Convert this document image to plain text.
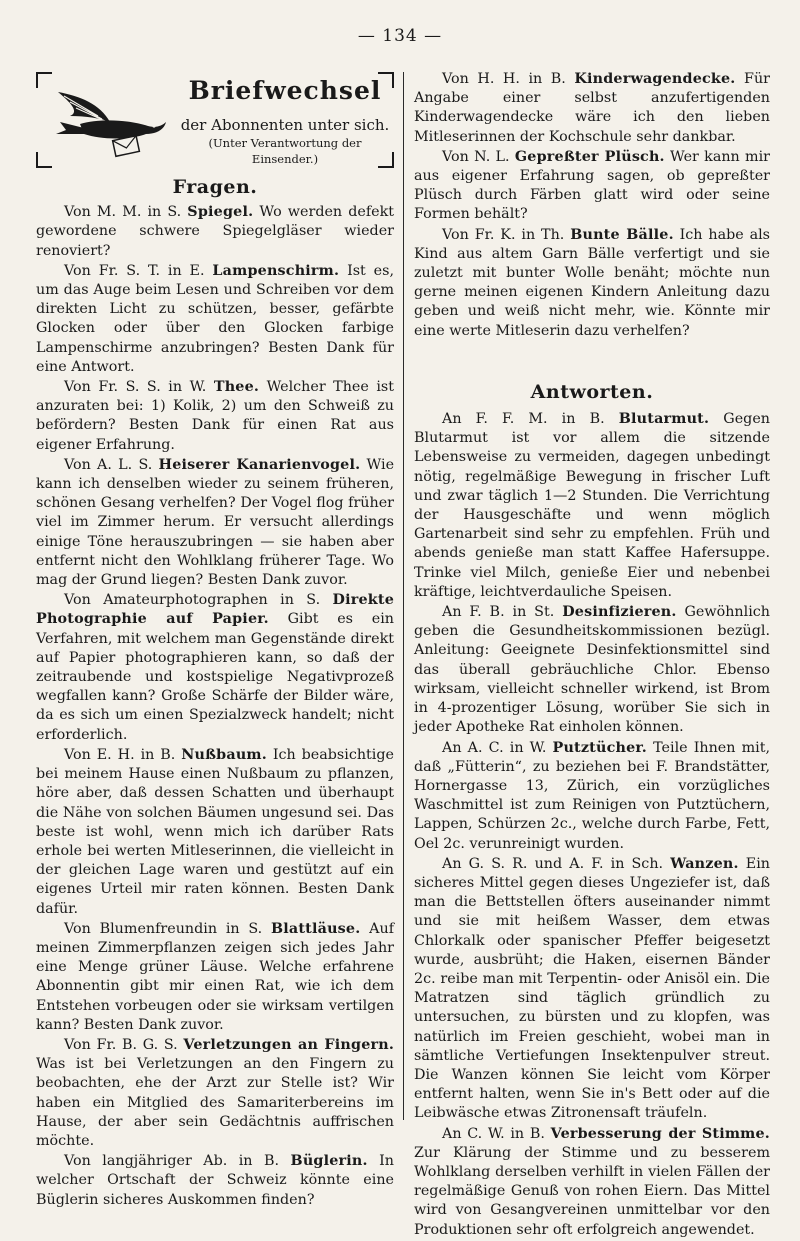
— 134 —
Briefwechsel
der Abonnenten unter sich.
(Unter Verantwortung der
Einsender.)
Fragen.

Von M. M. in S. Spiegel. Wo werden defekt gewordene schwere Spiegelgläser wieder renoviert?

Von Fr. S. T. in E. Lampenschirm. Ist es, um das Auge beim Lesen und Schreiben vor dem direkten Licht zu schützen, besser, gefärbte Glocken oder über den Glocken farbige Lampenschirme anzubringen? Besten Dank für eine Antwort.

Von Fr. S. S. in W. Thee. Welcher Thee ist anzuraten bei: 1) Kolik, 2) um den Schweiß zu befördern? Besten Dank für einen Rat aus eigener Erfahrung.

Von A. L. S. Heiserer Kanarienvogel. Wie kann ich denselben wieder zu seinem früheren, schönen Gesang verhelfen? Der Vogel flog früher viel im Zimmer herum. Er versucht allerdings einige Töne herauszubringen — sie haben aber entfernt nicht den Wohlklang früherer Tage. Wo mag der Grund liegen? Besten Dank zuvor.

Von Amateurphotographen in S. Direkte Photographie auf Papier. Gibt es ein Verfahren, mit welchem man Gegenstände direkt auf Papier photographieren kann, so daß der zeitraubende und kostspielige Negativprozeß wegfallen kann? Große Schärfe der Bilder wäre, da es sich um einen Spezialzweck handelt; nicht erforderlich.

Von E. H. in B. Nußbaum. Ich beabsichtige bei meinem Hause einen Nußbaum zu pflanzen, höre aber, daß dessen Schatten und überhaupt die Nähe von solchen Bäumen ungesund sei. Das beste ist wohl, wenn mich ich darüber Rats erhole bei werten Mitleserinnen, die vielleicht in der gleichen Lage waren und gestützt auf ein eigenes Urteil mir raten können. Besten Dank dafür.

Von Blumenfreundin in S. Blattläuse. Auf meinen Zimmerpflanzen zeigen sich jedes Jahr eine Menge grüner Läuse. Welche erfahrene Abonnentin gibt mir einen Rat, wie ich dem Entstehen vorbeugen oder sie wirksam vertilgen kann? Besten Dank zuvor.

Von Fr. B. G. S. Verletzungen an Fingern. Was ist bei Verletzungen an den Fingern zu beobachten, ehe der Arzt zur Stelle ist? Wir haben ein Mitglied des Samariterbereins im Hause, der aber sein Gedächtnis auffrischen möchte.

Von langjähriger Ab. in B. Büglerin. In welcher Ortschaft der Schweiz könnte eine Büglerin sicheres Auskommen finden?

Von H. H. in B. Kinderwagendecke. Für Angabe einer selbst anzufertigenden Kinderwagendecke wäre ich den lieben Mitleserinnen der Kochschule sehr dankbar.

Von N. L. Gepreßter Plüsch. Wer kann mir aus eigener Erfahrung sagen, ob gepreßter Plüsch durch Färben glatt wird oder seine Formen behält?

Von Fr. K. in Th. Bunte Bälle. Ich habe als Kind aus altem Garn Bälle verfertigt und sie zuletzt mit bunter Wolle benäht; möchte nun gerne meinen eigenen Kindern Anleitung dazu geben und weiß nicht mehr, wie. Könnte mir eine werte Mitleserin dazu verhelfen?

Antworten.

An F. F. M. in B. Blutarmut. Gegen Blutarmut ist vor allem die sitzende Lebensweise zu vermeiden, dagegen unbedingt nötig, regelmäßige Bewegung in frischer Luft und zwar täglich 1—2 Stunden. Die Verrichtung der Hausgeschäfte und wenn möglich Gartenarbeit sind sehr zu empfehlen. Früh und abends genieße man statt Kaffee Hafersuppe. Trinke viel Milch, genieße Eier und nebenbei kräftige, leichtverdauliche Speisen.

An F. B. in St. Desinfizieren. Gewöhnlich geben die Gesundheitskommissionen bezügl. Anleitung: Geeignete Desinfektionsmittel sind das überall gebräuchliche Chlor. Ebenso wirksam, vielleicht schneller wirkend, ist Brom in 4-prozentiger Lösung, worüber Sie sich in jeder Apotheke Rat einholen können.

An A. C. in W. Putztücher. Teile Ihnen mit, daß „Fütterin“, zu beziehen bei F. Brandstätter, Hornergasse 13, Zürich, ein vorzügliches Waschmittel ist zum Reinigen von Putztüchern, Lappen, Schürzen 2c., welche durch Farbe, Fett, Oel 2c. verunreinigt wurden.

An G. S. R. und A. F. in Sch. Wanzen. Ein sicheres Mittel gegen dieses Ungeziefer ist, daß man die Bettstellen öfters auseinander nimmt und sie mit heißem Wasser, dem etwas Chlorkalk oder spanischer Pfeffer beigesetzt wurde, ausbrüht; die Haken, eisernen Bänder 2c. reibe man mit Terpentin- oder Anisöl ein. Die Matratzen sind täglich gründlich zu untersuchen, zu bürsten und zu klopfen, was natürlich im Freien geschieht, wobei man in sämtliche Vertiefungen Insektenpulver streut. Die Wanzen können Sie leicht vom Körper entfernt halten, wenn Sie in's Bett oder auf die Leibwäsche etwas Zitronensaft träufeln.

An C. W. in B. Verbesserung der Stimme. Zur Klärung der Stimme und zu besserem Wohlklang derselben verhilft in vielen Fällen der regelmäßige Genuß von rohen Eiern. Das Mittel wird von Gesangvereinen unmittelbar vor den Produktionen sehr oft erfolgreich angewendet.
